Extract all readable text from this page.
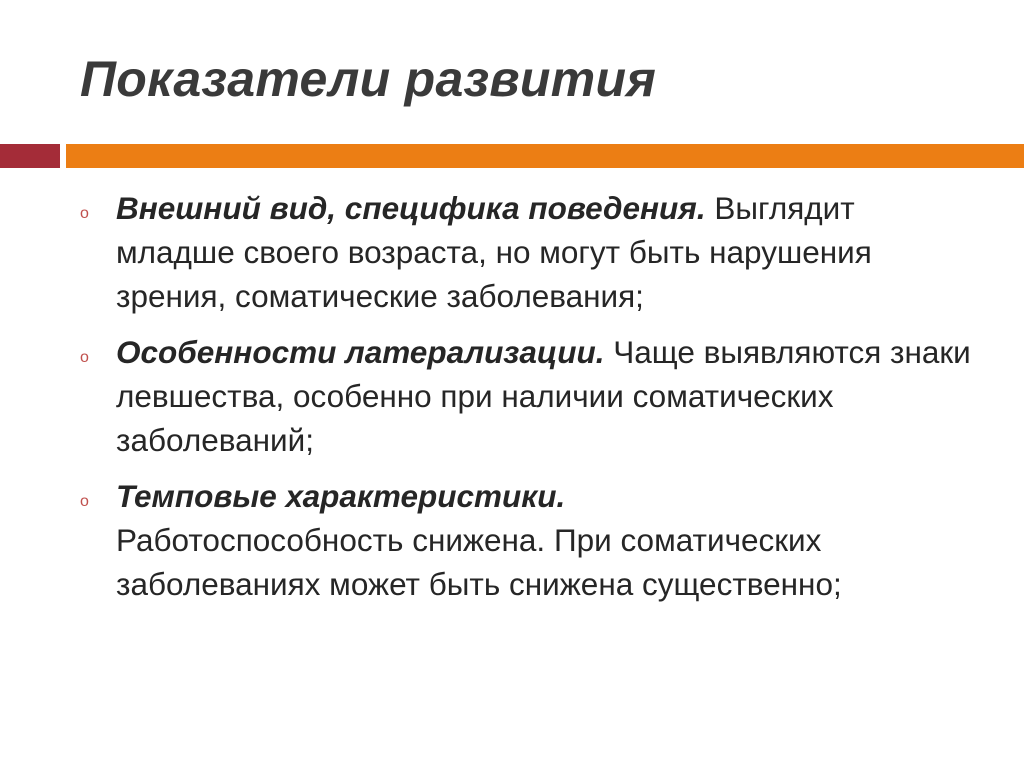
Показатели развития
o Внешний вид, специфика поведения. Выглядит младше своего возраста, но могут быть нарушения зрения, соматические заболевания;
o Особенности латерализации. Чаще выявляются знаки левшества, особенно при наличии соматических заболеваний;
o Темповые характеристики.
Работоспособность снижена. При соматических заболеваниях может быть снижена существенно;
